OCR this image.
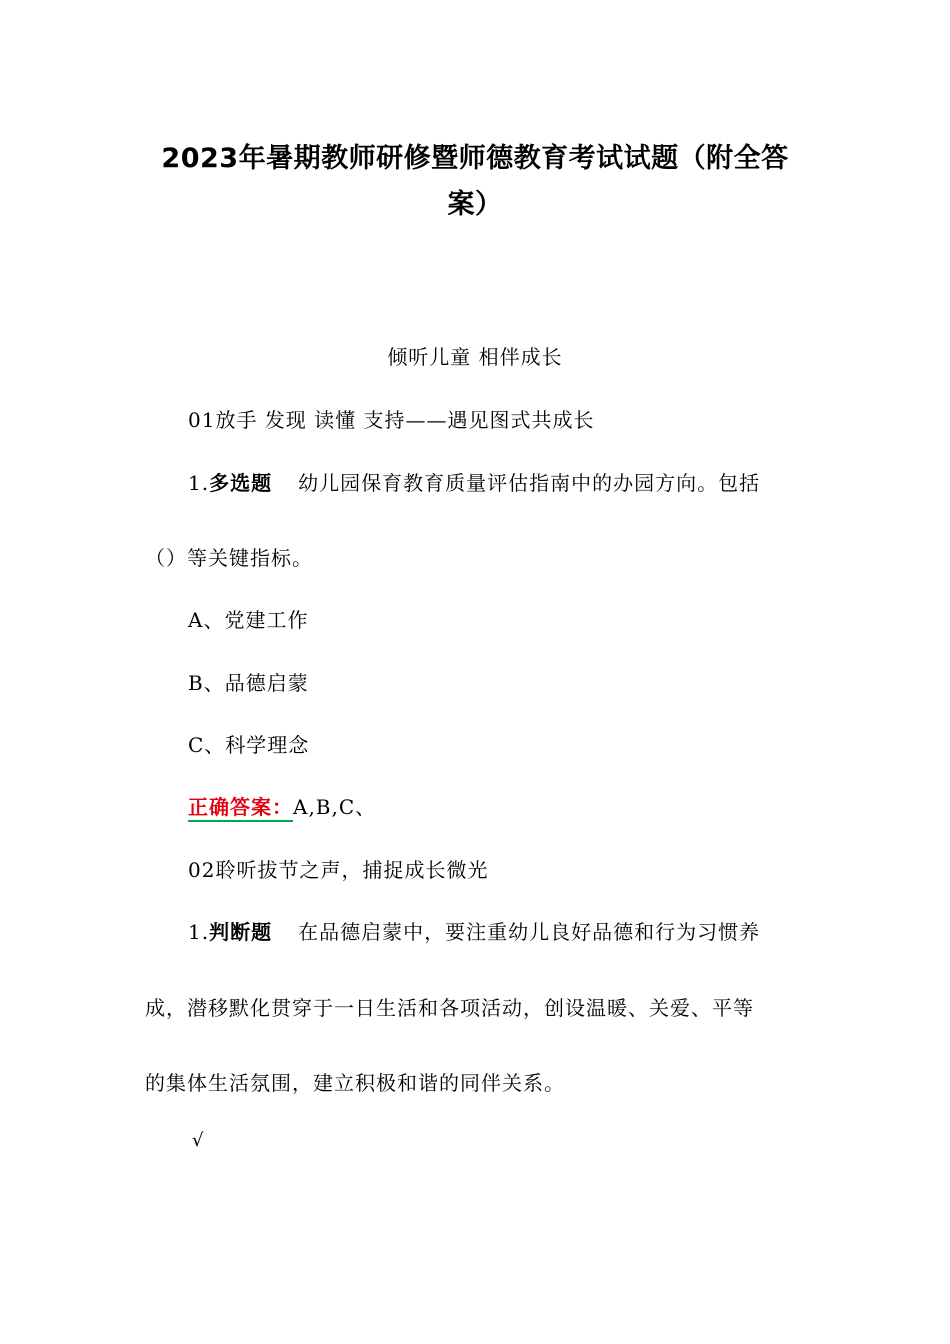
2023年暑期教师研修暨师德教育考试试题（附全答
案）
倾听儿童 相伴成长
01放手 发现 读懂 支持——遇见图式共成长
1.多选题 幼儿园保育教育质量评估指南中的办园方向。包括
（）等关键指标。
A、党建工作
B、品德启蒙
C、科学理念
正确答案：A,B,C、
02聆听拔节之声，捕捉成长微光
1.判断题 在品德启蒙中，要注重幼儿良好品德和行为习惯养
成，潜移默化贯穿于一日生活和各项活动，创设温暖、关爱、平等
的集体生活氛围，建立积极和谐的同伴关系。
√
